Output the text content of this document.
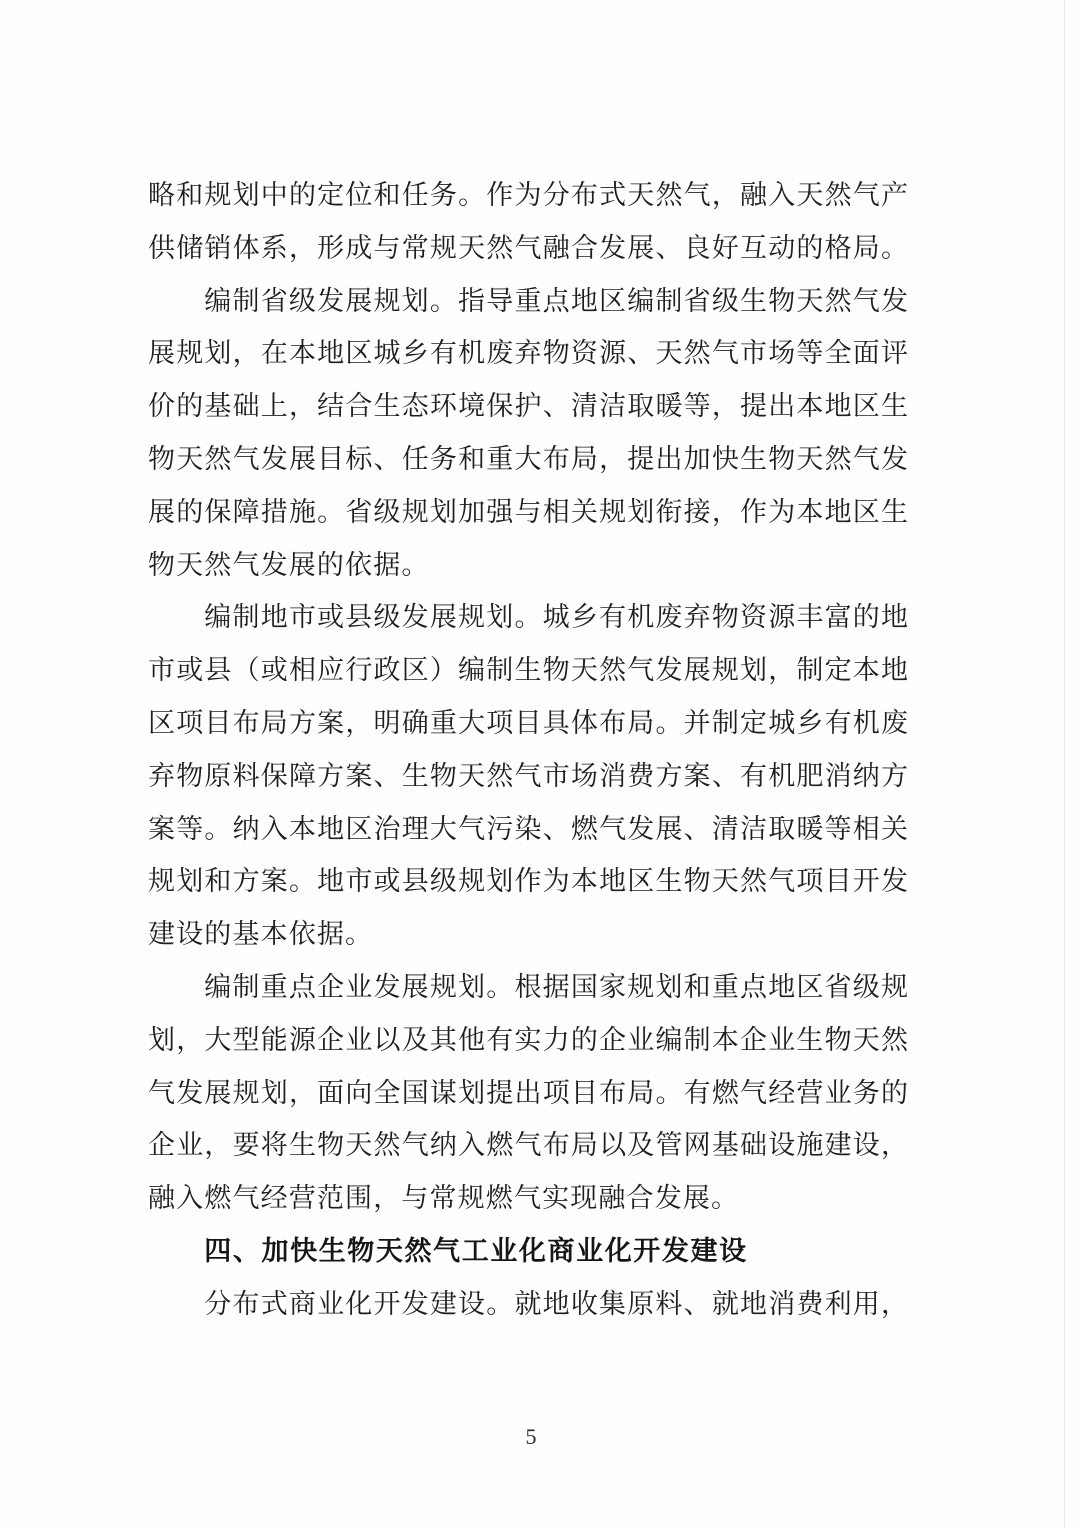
略和规划中的定位和任务。作为分布式天然气，融入天然气产
供储销体系，形成与常规天然气融合发展、良好互动的格局。
编制省级发展规划。指导重点地区编制省级生物天然气发
展规划，在本地区城乡有机废弃物资源、天然气市场等全面评
价的基础上，结合生态环境保护、清洁取暖等，提出本地区生
物天然气发展目标、任务和重大布局，提出加快生物天然气发
展的保障措施。省级规划加强与相关规划衔接，作为本地区生
物天然气发展的依据。
编制地市或县级发展规划。城乡有机废弃物资源丰富的地
市或县（或相应行政区）编制生物天然气发展规划，制定本地
区项目布局方案，明确重大项目具体布局。并制定城乡有机废
弃物原料保障方案、生物天然气市场消费方案、有机肥消纳方
案等。纳入本地区治理大气污染、燃气发展、清洁取暖等相关
规划和方案。地市或县级规划作为本地区生物天然气项目开发
建设的基本依据。
编制重点企业发展规划。根据国家规划和重点地区省级规
划，大型能源企业以及其他有实力的企业编制本企业生物天然
气发展规划，面向全国谋划提出项目布局。有燃气经营业务的
企业，要将生物天然气纳入燃气布局以及管网基础设施建设，
融入燃气经营范围，与常规燃气实现融合发展。
四、加快生物天然气工业化商业化开发建设
分布式商业化开发建设。就地收集原料、就地消费利用，
5
